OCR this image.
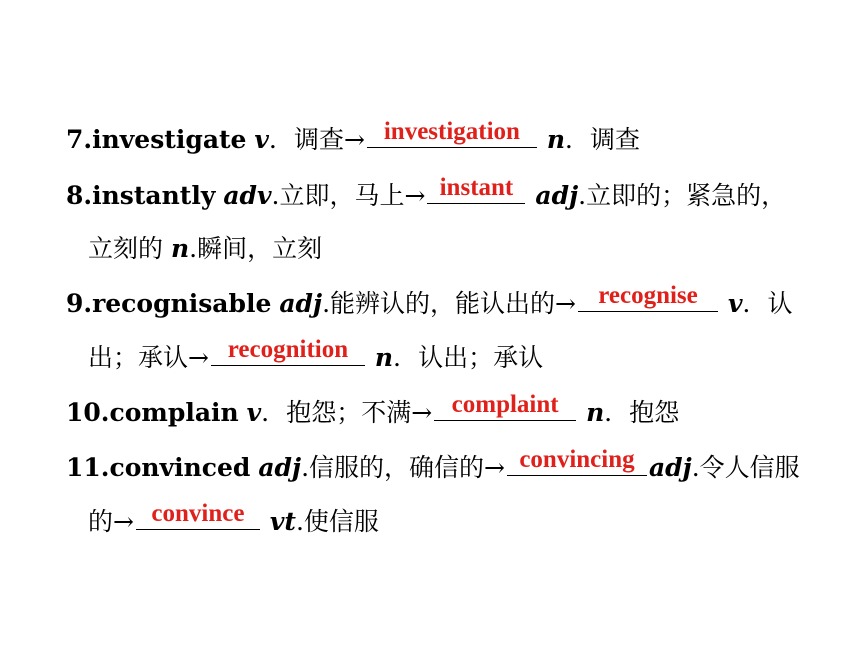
7.investigate v．调查→ investigation	n．调查
8.instantly adv.立即，马上→ instant adj.立即的；紧急的，
立刻的 n.瞬间，立刻
9.recognisable adj.能辨认的，能认出的→ recognise	v．认
出；承认→ recognition	n．认出；承认
10.complain v．抱怨；不满→ complaint	n．抱怨
11.convinced adj.信服的，确信的→ convincing adj.令人信服
的→ convince	vt.使信服
